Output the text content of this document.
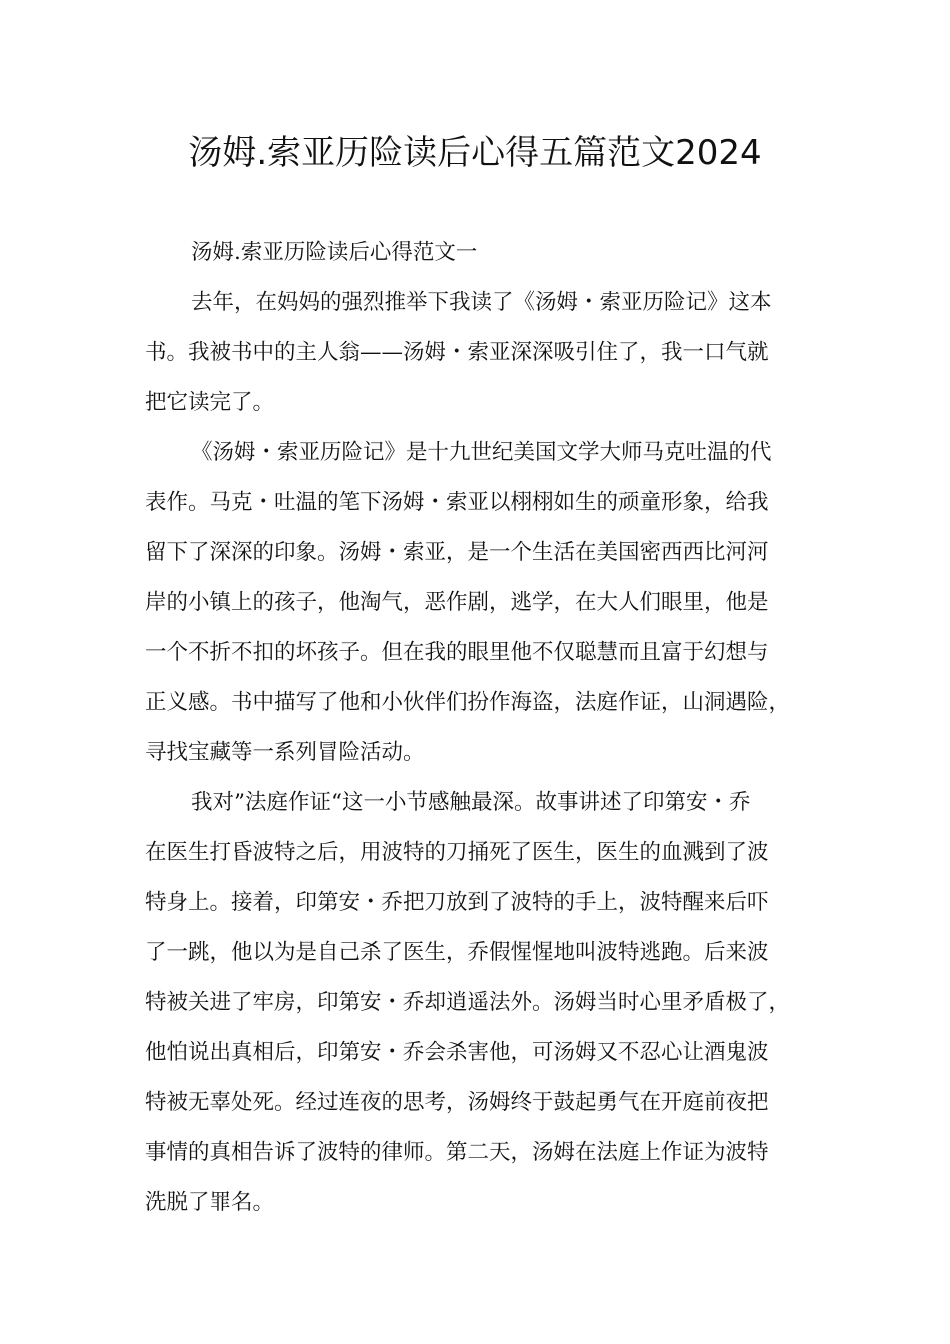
汤姆.索亚历险读后心得五篇范文2024
汤姆.索亚历险读后心得范文一
去年，在妈妈的强烈推举下我读了《汤姆・索亚历险记》这本
书。我被书中的主人翁——汤姆・索亚深深吸引住了，我一口气就
把它读完了。
《汤姆・索亚历险记》是十九世纪美国文学大师马克吐温的代
表作。马克・吐温的笔下汤姆・索亚以栩栩如生的顽童形象，给我
留下了深深的印象。汤姆・索亚，是一个生活在美国密西西比河河
岸的小镇上的孩子，他淘气，恶作剧，逃学，在大人们眼里，他是
一个不折不扣的坏孩子。但在我的眼里他不仅聪慧而且富于幻想与
正义感。书中描写了他和小伙伴们扮作海盗，法庭作证，山洞遇险，
寻找宝藏等一系列冒险活动。
我对”法庭作证“这一小节感触最深。故事讲述了印第安・乔
在医生打昏波特之后，用波特的刀捅死了医生，医生的血溅到了波
特身上。接着，印第安・乔把刀放到了波特的手上，波特醒来后吓
了一跳，他以为是自己杀了医生，乔假惺惺地叫波特逃跑。后来波
特被关进了牢房，印第安・乔却逍遥法外。汤姆当时心里矛盾极了，
他怕说出真相后，印第安・乔会杀害他，可汤姆又不忍心让酒鬼波
特被无辜处死。经过连夜的思考，汤姆终于鼓起勇气在开庭前夜把
事情的真相告诉了波特的律师。第二天，汤姆在法庭上作证为波特
洗脱了罪名。
